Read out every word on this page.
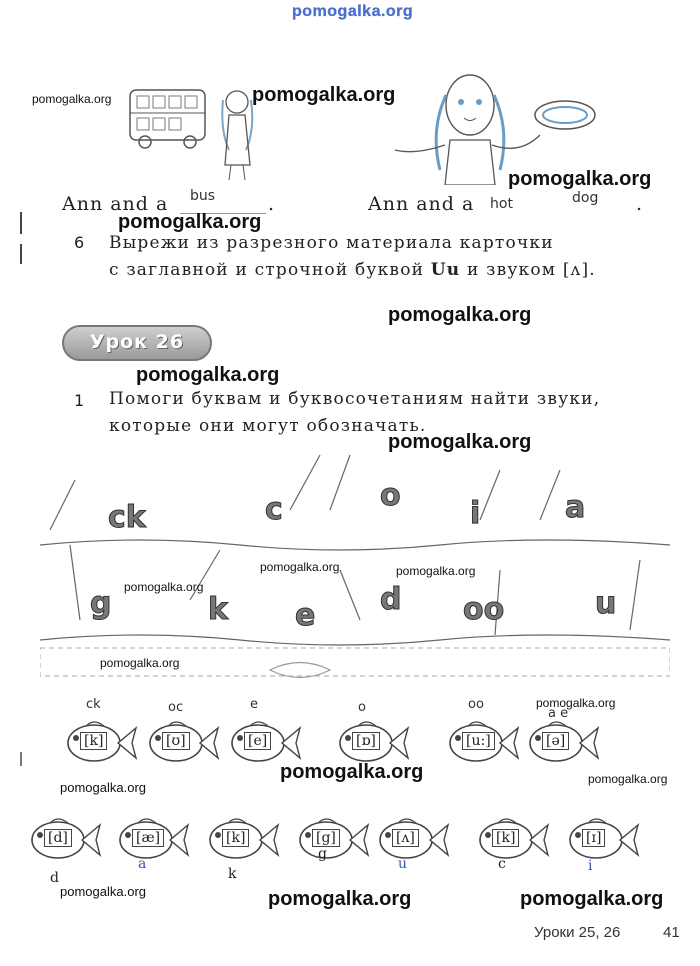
pomogalka.org
Ann and a bus	.	Ann and a hot	dog .
6 Вырежи из разрезного материала карточки
с заглавной и строчной буквой Uu и звуком [ʌ].
Урок 26
1 Помоги буквам и буквосочетаниям найти звуки,
которые они могут обозначать.
ck	c	o
i	a
g	k e d oo	u
[k]
ck
[ʊ]
oc
[e]
e
[ɒ]
o
[u:]
oo
[ə]
a e
[d]
d
[æ]
a
[k]
k
[g]
g
[ʌ]
u
[k]
c
[ɪ]
i
Уроки 25, 26	41
pomogalka.org	pomogalka.org
pomogalka.org
pomogalka.org
pomogalka.org
pomogalka.org
pomogalka.org
pomogalka.org	pomogalka.org
pomogalka.org
pomogalka.org
pomogalka.org
pomogalka.org	pomogalka.org
pomogalka.org
pomogalka.org	pomogalka.org	pomogalka.org
